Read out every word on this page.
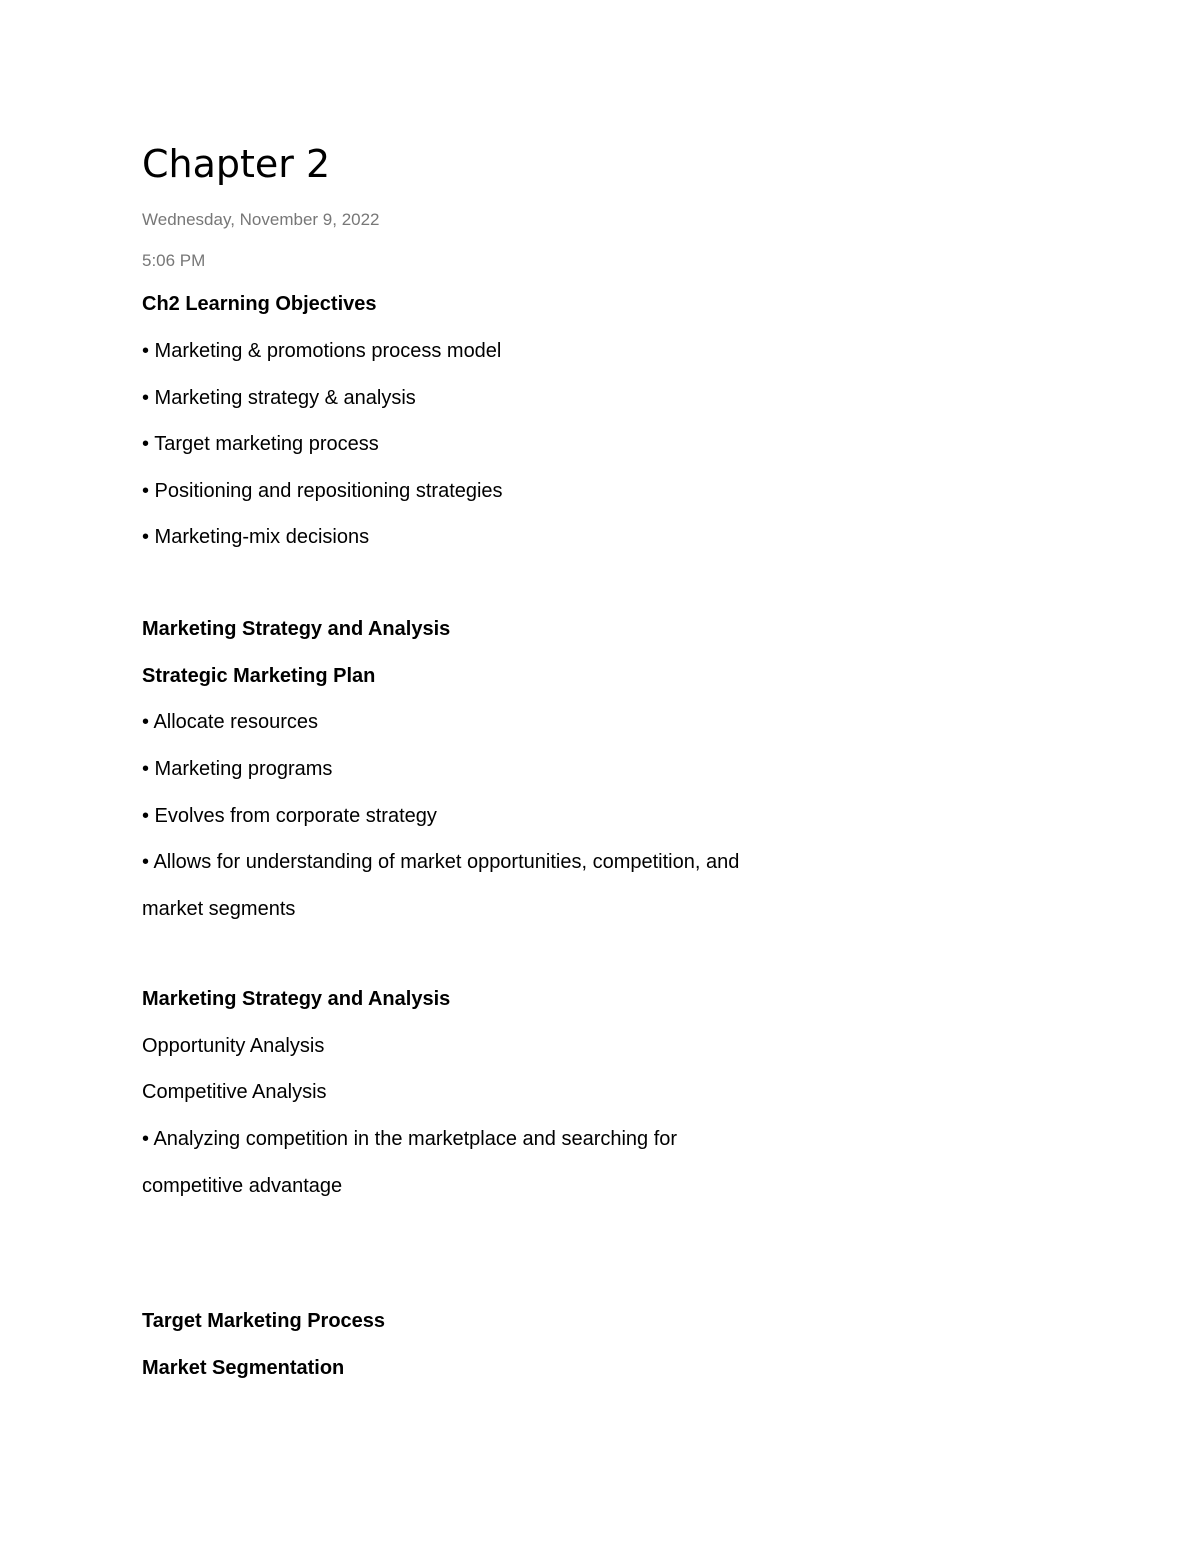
Chapter 2
Wednesday, November 9, 2022
5:06 PM
Ch2 Learning Objectives
• Marketing & promotions process model
• Marketing strategy & analysis
• Target marketing process
• Positioning and repositioning strategies
• Marketing-mix decisions
Marketing Strategy and Analysis
Strategic Marketing Plan
• Allocate resources
• Marketing programs
• Evolves from corporate strategy
• Allows for understanding of market opportunities, competition, and
market segments
Marketing Strategy and Analysis
Opportunity Analysis
Competitive Analysis
• Analyzing competition in the marketplace and searching for
competitive advantage
Target Marketing Process
Market Segmentation
